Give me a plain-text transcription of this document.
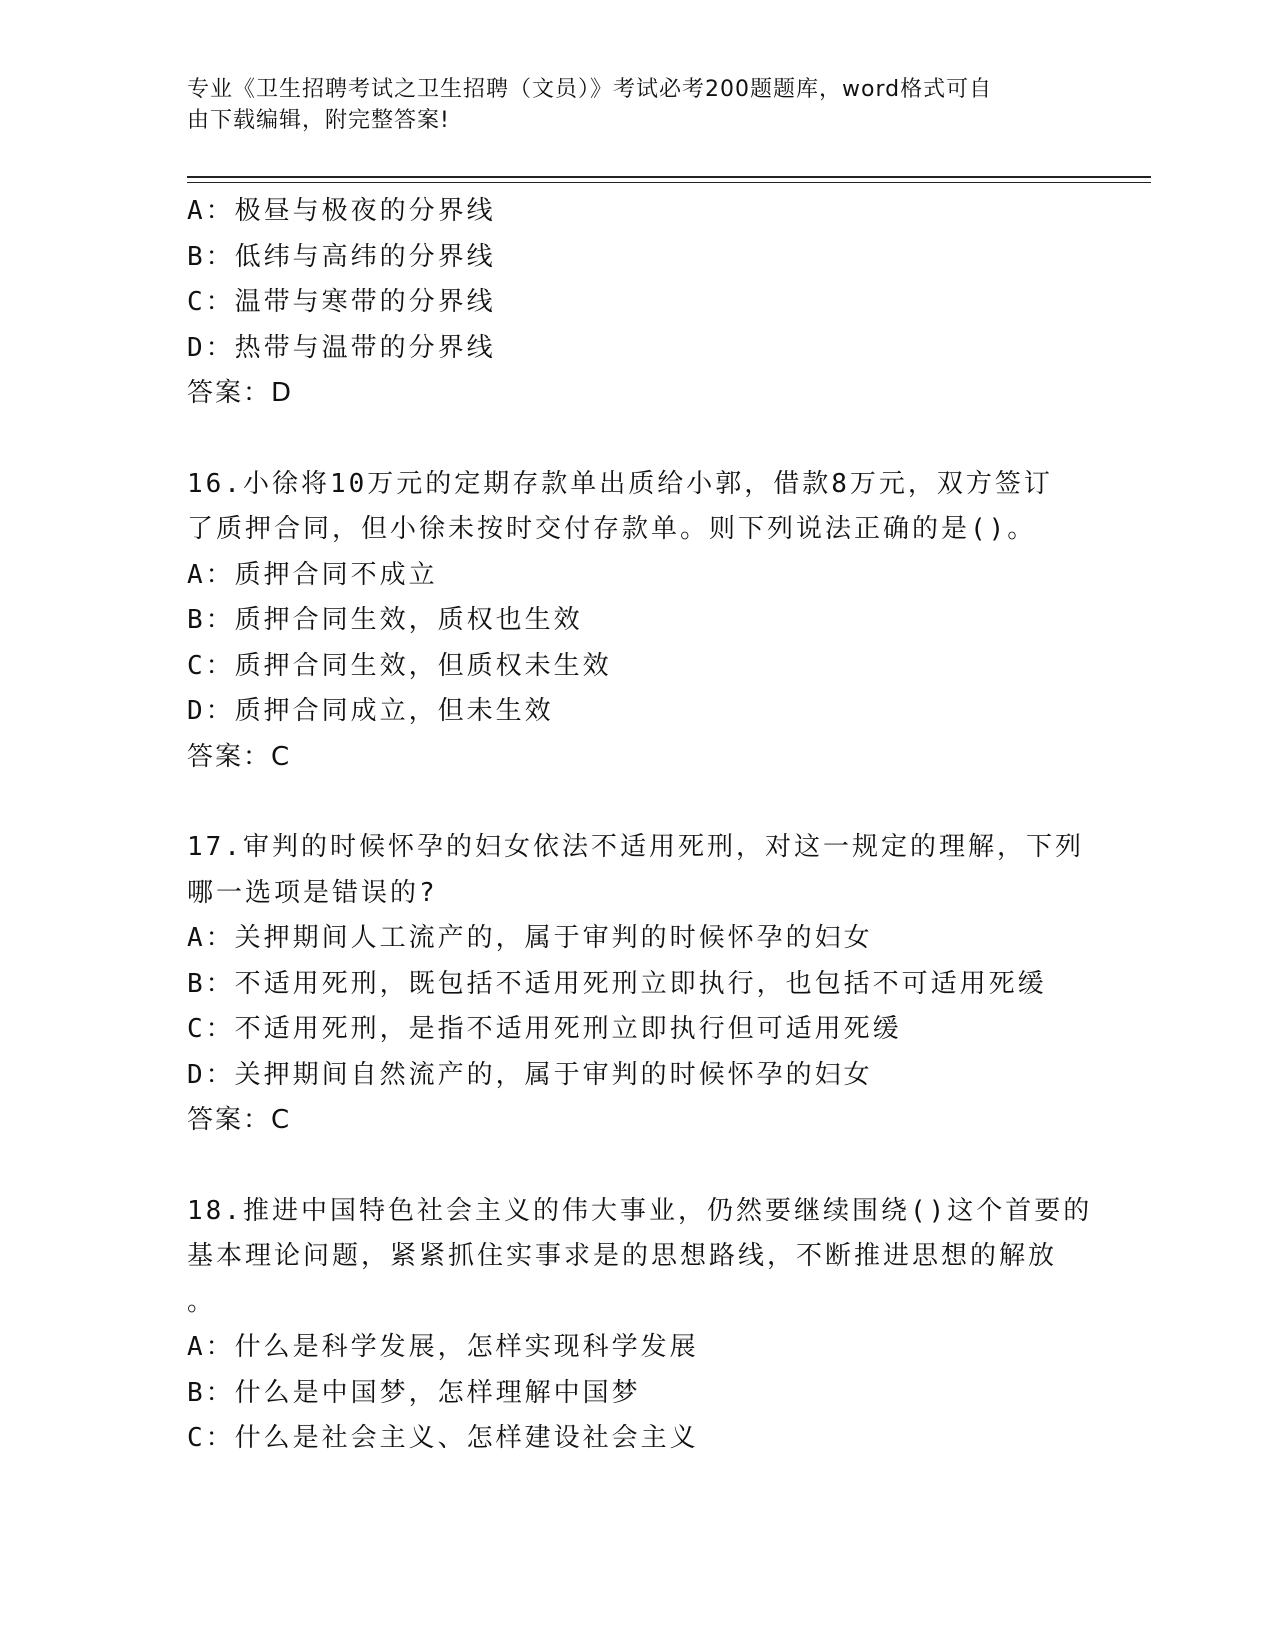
专业《卫生招聘考试之卫生招聘（文员）》考试必考200题题库，word格式可自
由下载编辑，附完整答案!
A：极昼与极夜的分界线
B：低纬与高纬的分界线
C：温带与寒带的分界线
D：热带与温带的分界线
答案：D
16.小徐将10万元的定期存款单出质给小郭，借款8万元，双方签订
了质押合同，但小徐未按时交付存款单。则下列说法正确的是()。
A：质押合同不成立
B：质押合同生效，质权也生效
C：质押合同生效，但质权未生效
D：质押合同成立，但未生效
答案：C
17.审判的时候怀孕的妇女依法不适用死刑，对这一规定的理解，下列
哪一选项是错误的?
A：关押期间人工流产的，属于审判的时候怀孕的妇女
B：不适用死刑，既包括不适用死刑立即执行，也包括不可适用死缓
C：不适用死刑，是指不适用死刑立即执行但可适用死缓
D：关押期间自然流产的，属于审判的时候怀孕的妇女
答案：C
18.推进中国特色社会主义的伟大事业，仍然要继续围绕()这个首要的
基本理论问题，紧紧抓住实事求是的思想路线，不断推进思想的解放
。
A：什么是科学发展，怎样实现科学发展
B：什么是中国梦，怎样理解中国梦
C：什么是社会主义、怎样建设社会主义
